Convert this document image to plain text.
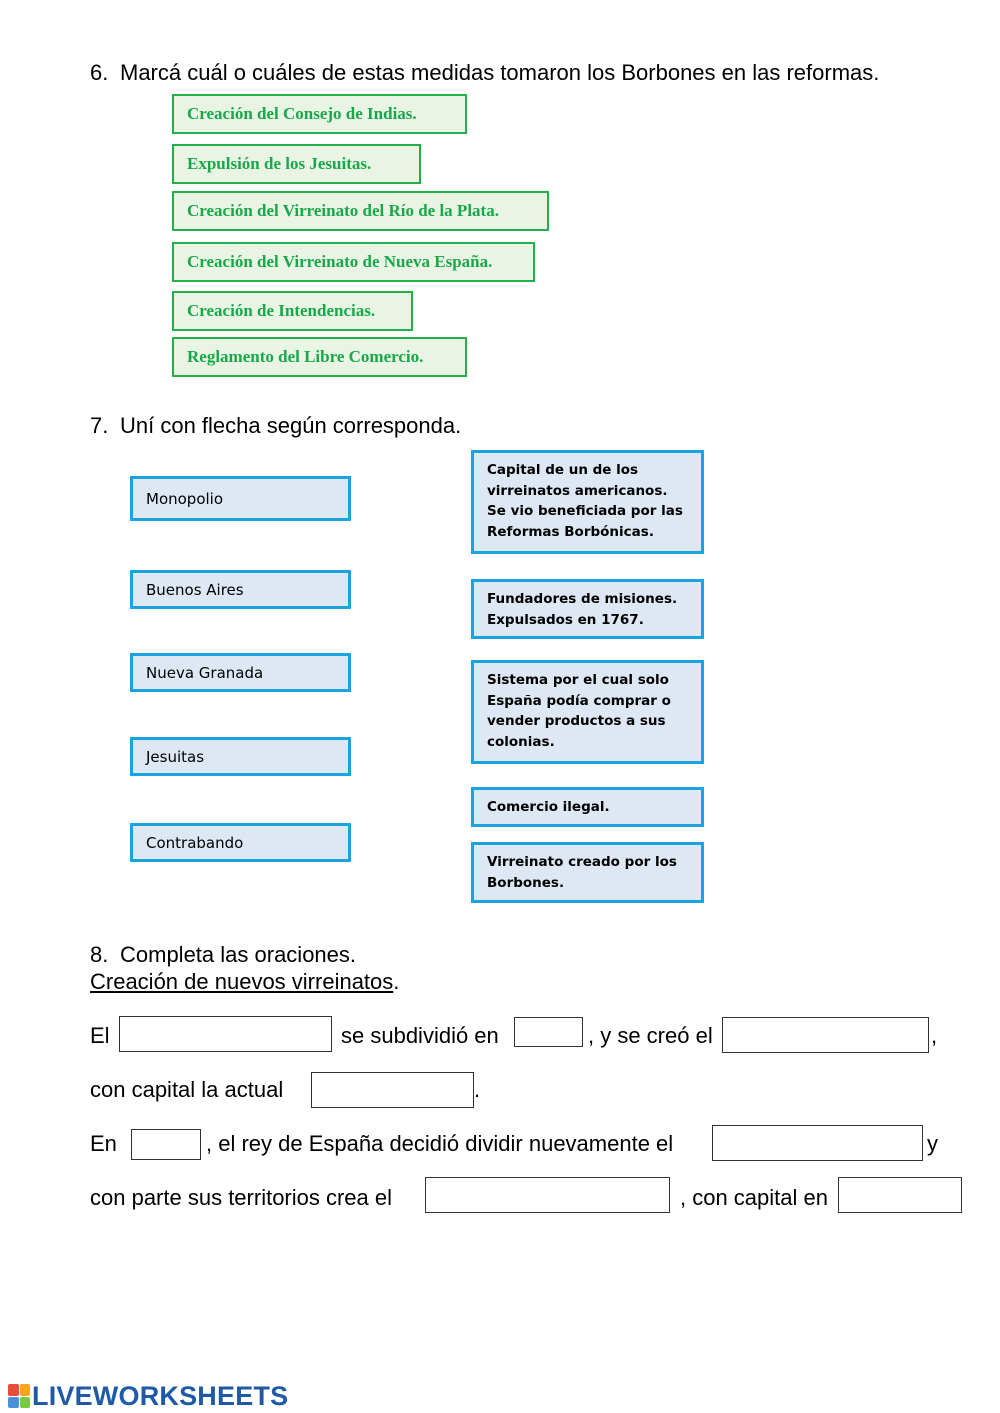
6. Marcá cuál o cuáles de estas medidas tomaron los Borbones en las reformas.
Creación del Consejo de Indias.
Expulsión de los Jesuitas.
Creación del Virreinato del Río de la Plata.
Creación del Virreinato de Nueva España.
Creación de Intendencias.
Reglamento del Libre Comercio.
7. Uní con flecha según corresponda.
Monopolio
Buenos Aires
Nueva Granada
Jesuitas
Contrabando
Capital de un de los virreinatos americanos. Se vio beneficiada por las Reformas Borbónicas.
Fundadores de misiones. Expulsados en 1767.
Sistema por el cual solo España podía comprar o vender productos a sus colonias.
Comercio ilegal.
Virreinato creado por los Borbones.
8. Completa las oraciones.
Creación de nuevos virreinatos.
El	se subdividió en	, y se creó el	,
con capital la actual	.
En	, el rey de España decidió dividir nuevamente el	y
con parte sus territorios crea el	, con capital en
LIVEWORKSHEETS
